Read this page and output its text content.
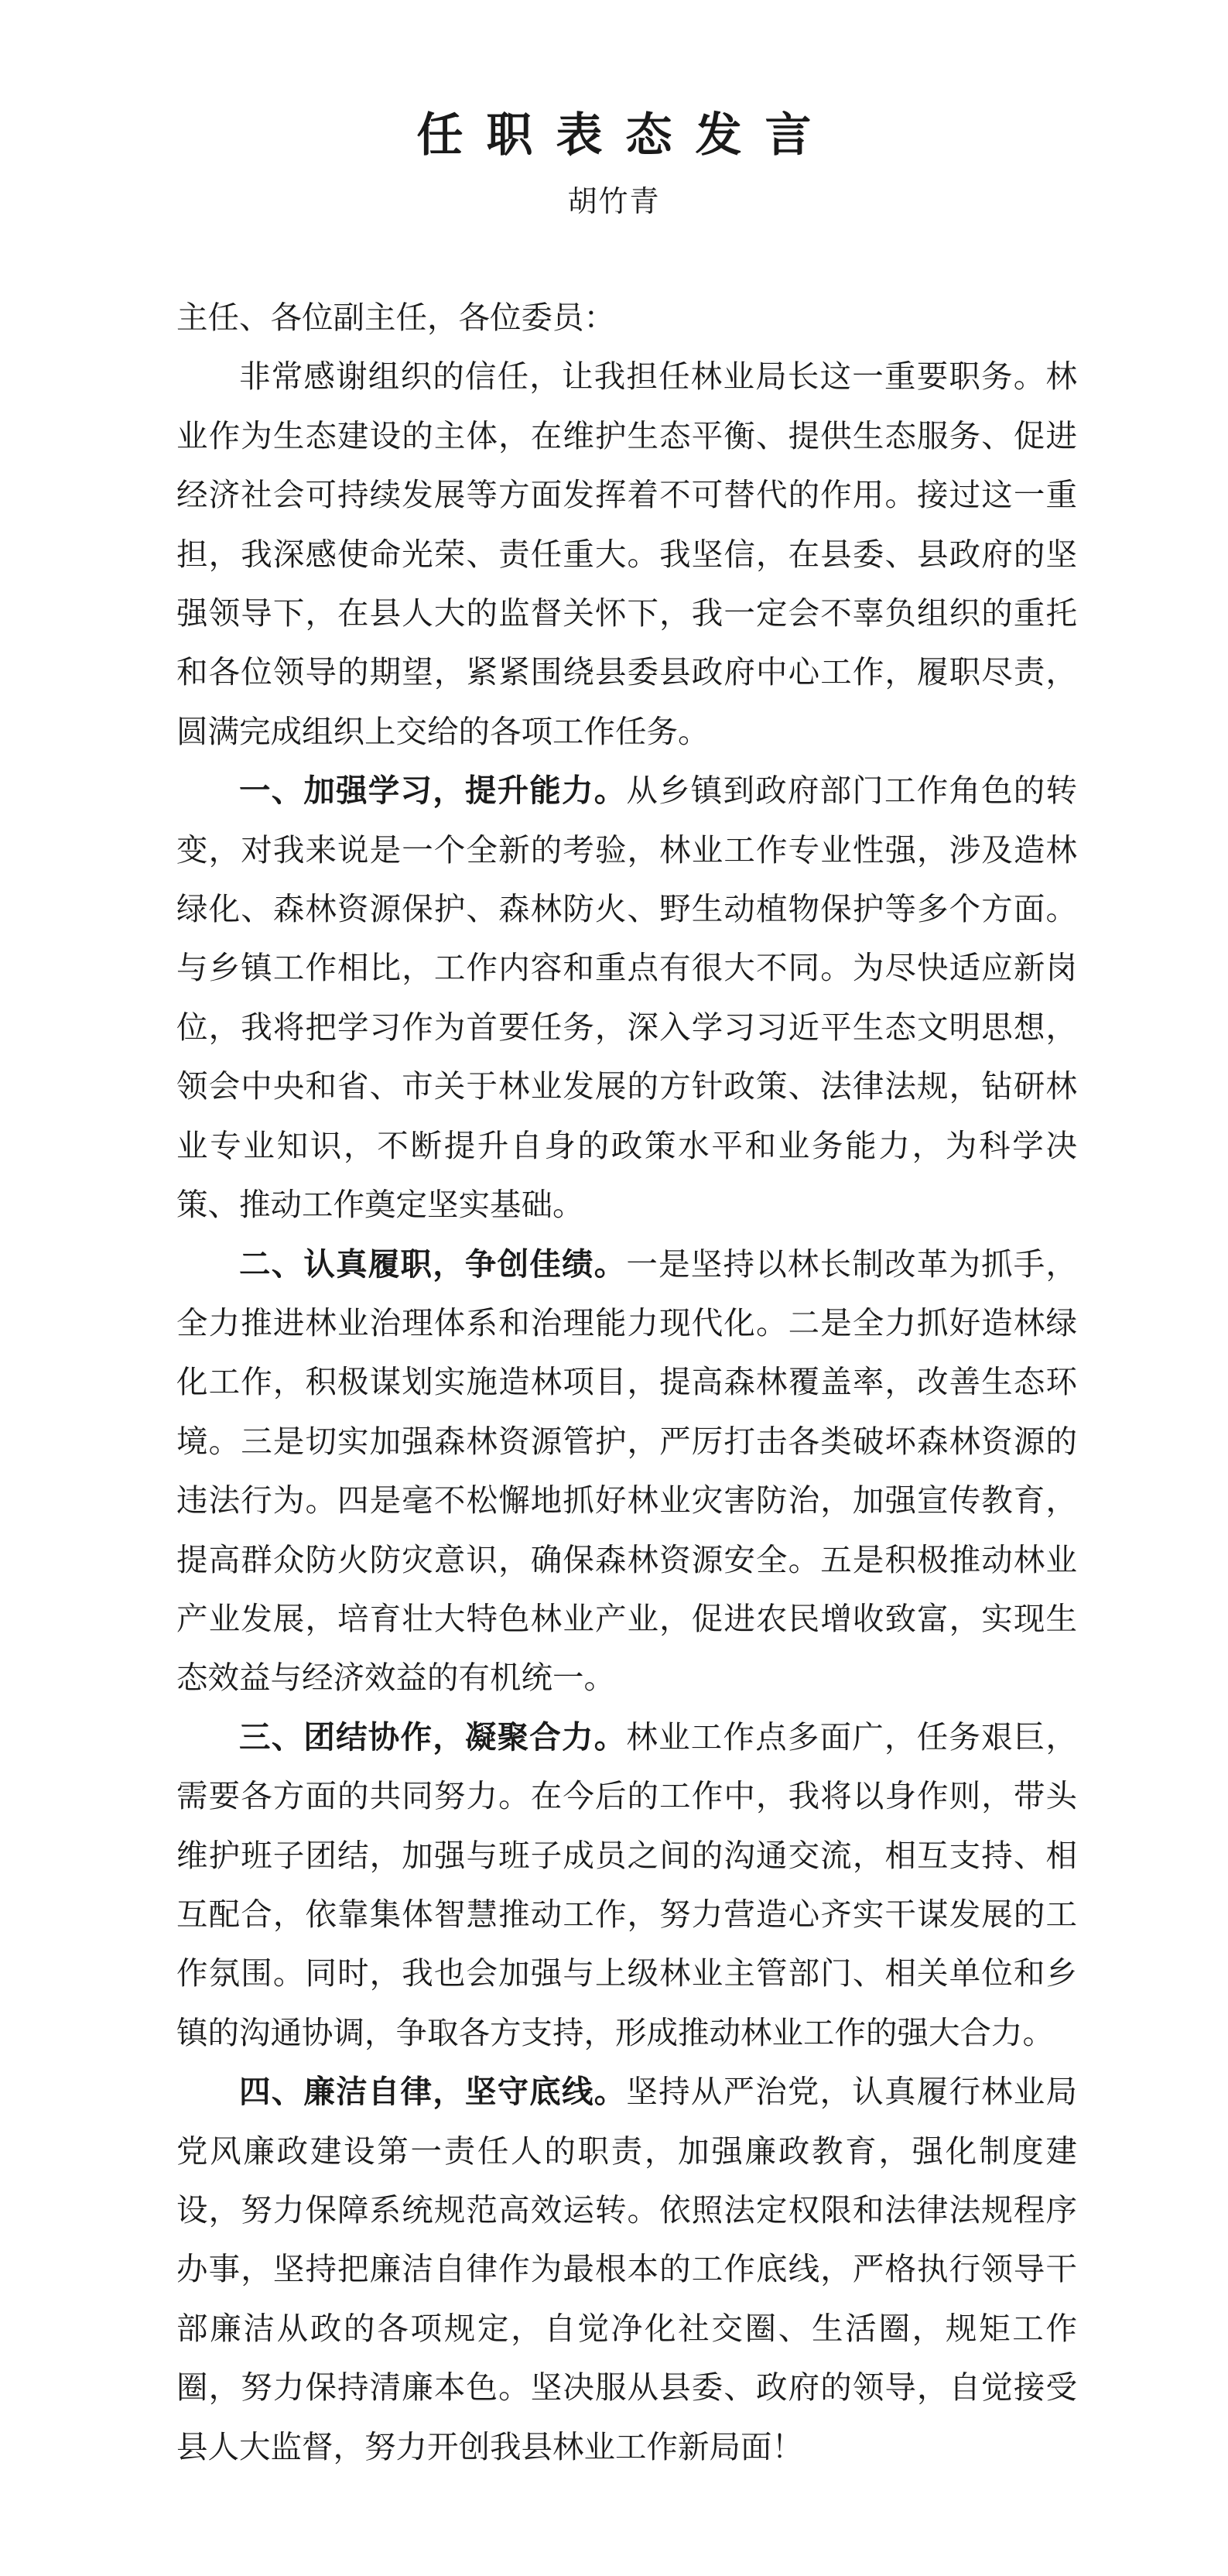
任职表态发言
胡竹青

主任、各位副主任，各位委员：

非常感谢组织的信任，让我担任林业局长这一重要职务。林业作为生态建设的主体，在维护生态平衡、提供生态服务、促进经济社会可持续发展等方面发挥着不可替代的作用。接过这一重担，我深感使命光荣、责任重大。我坚信，在县委、县政府的坚强领导下，在县人大的监督关怀下，我一定会不辜负组织的重托和各位领导的期望，紧紧围绕县委县政府中心工作，履职尽责，圆满完成组织上交给的各项工作任务。

一、加强学习，提升能力。从乡镇到政府部门工作角色的转变，对我来说是一个全新的考验，林业工作专业性强，涉及造林绿化、森林资源保护、森林防火、野生动植物保护等多个方面。与乡镇工作相比，工作内容和重点有很大不同。为尽快适应新岗位，我将把学习作为首要任务，深入学习习近平生态文明思想，领会中央和省、市关于林业发展的方针政策、法律法规，钻研林业专业知识，不断提升自身的政策水平和业务能力，为科学决策、推动工作奠定坚实基础。

二、认真履职，争创佳绩。一是坚持以林长制改革为抓手，全力推进林业治理体系和治理能力现代化。二是全力抓好造林绿化工作，积极谋划实施造林项目，提高森林覆盖率，改善生态环境。三是切实加强森林资源管护，严厉打击各类破坏森林资源的违法行为。四是毫不松懈地抓好林业灾害防治，加强宣传教育，提高群众防火防灾意识，确保森林资源安全。五是积极推动林业产业发展，培育壮大特色林业产业，促进农民增收致富，实现生态效益与经济效益的有机统一。

三、团结协作，凝聚合力。林业工作点多面广，任务艰巨，需要各方面的共同努力。在今后的工作中，我将以身作则，带头维护班子团结，加强与班子成员之间的沟通交流，相互支持、相互配合，依靠集体智慧推动工作，努力营造心齐实干谋发展的工作氛围。同时，我也会加强与上级林业主管部门、相关单位和乡镇的沟通协调，争取各方支持，形成推动林业工作的强大合力。

四、廉洁自律，坚守底线。坚持从严治党，认真履行林业局党风廉政建设第一责任人的职责，加强廉政教育，强化制度建设，努力保障系统规范高效运转。依照法定权限和法律法规程序办事，坚持把廉洁自律作为最根本的工作底线，严格执行领导干部廉洁从政的各项规定，自觉净化社交圈、生活圈，规矩工作圈，努力保持清廉本色。坚决服从县委、政府的领导，自觉接受县人大监督，努力开创我县林业工作新局面！
